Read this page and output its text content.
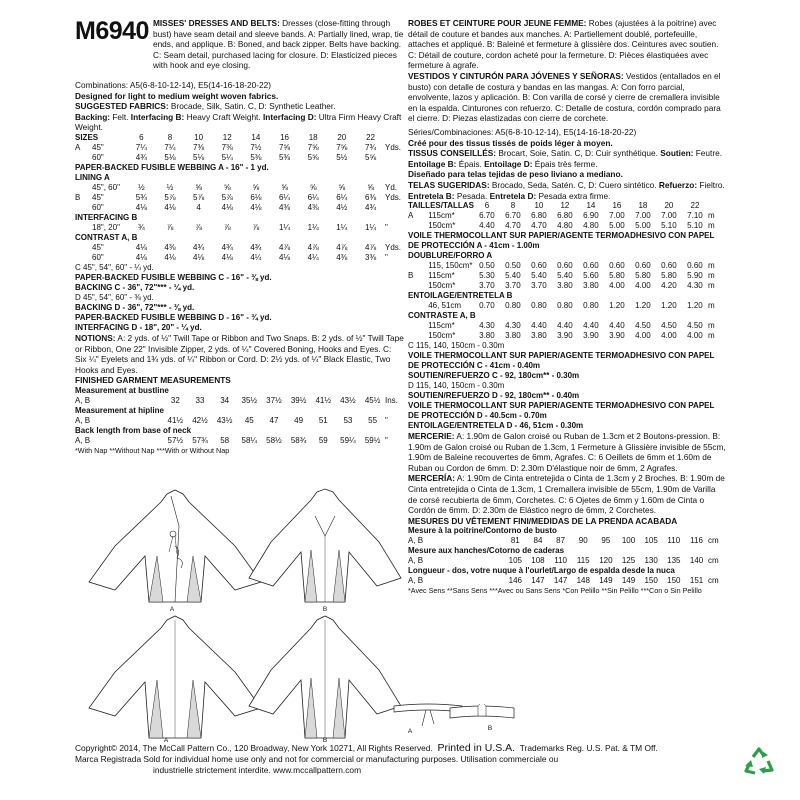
M6940 MISSES' DRESSES AND BELTS: Dresses (close-fitting through bust) have seam detail and sleeve bands. A: Partially lined, wrap, tie ends, and applique. B: Boned, and back zipper. Belts have backing. C: Seam detail, purchased lacing for closure. D: Elasticized pieces with hook and eye closing.
Combinations: A5(6-8-10-12-14), E5(14-16-18-20-22)
Designed for light to medium weight woven fabrics.
SUGGESTED FABRICS: Brocade, Silk, Satin. C, D: Synthetic Leather.
Backing: Felt. Interfacing B: Heavy Craft Weight. Interfacing D: Ultra Firm Heavy Craft Weight.
SIZES		6	8	10	12	14	16	18	20	22	
A	45"	7¼	7¼	7⅜	7⅜	7½	7⅝	7⅝	7⅝	7¾	Yds.
	60"	4¾	5⅛	5⅛	5¼	5⅜	5⅜	5⅝	5½	5⅝	
PAPER-BACKED FUSIBLE WEBBING A - 16" - 1 yd.											
LINING A											
	45", 60"	½	½	⅝	⅝	⅝	⅝	⅝	⅝	⅝	Yd.
B	45"	5¾	5⅞	5⅞	5⅞	6⅛	6¼	6¼	6¼	6⅜	Yds.
	60"	4⅛	4⅛	4	4⅛	4⅛	4⅜	4⅜	4½	4¾	
INTERFACING B											
	18", 20"	¾	⅞	⅞	⅞	⅞	1¼	1¼	1¼	1¼	"
CONTRAST A, B											
	45"	4⅛	4⅜	4¾	4¾	4¾	4⅞	4⅞	4⅞	4⅞	Yds.
	60"	4⅛	4⅛	4⅛	4⅛	4¼	4⅛	4¼	4⅜	3⅜	"
C 45", 54", 60" - ¼ yd.											
PAPER-BACKED FUSIBLE WEBBING C - 16" - ⅜ yd.											
BACKING C - 36", 72"*** - ¼ yd.											
D 45", 54", 60" - ⅜ yd.											
BACKING D - 36", 72"*** - ⅜ yd.											
PAPER-BACKED FUSIBLE WEBBING D - 16" - ¾ yd.											
INTERFACING D - 18", 20" - ¼ yd.											
NOTIONS: A: 2 yds. of ½" Twill Tape or Ribbon and Two Snaps. B: 2 yds. of ½" Twill Tape or Ribbon, One 22" Invisible Zipper, 2 yds. of ¼" Covered Boning, Hooks and Eyes. C: Six ¼" Eyelets and 1¾ yds. of ¼" Ribbon or Cord. D: 2½ yds. of ¼" Black Elastic, Two Hooks and Eyes.
FINISHED GARMENT MEASUREMENTS
Measurement at bustline											
A, B		32	33	34	35½	37½	39½	41½	43½	45½	Ins.
Measurement at hipline											
A, B		41½	42½	43½	45	47	49	51	53	55	"
Back length from base of neck											
A, B		57½	57¾	58	58¼	58½	58¾	59	59¼	59½	"
*With Nap **Without Nap ***With or Without Nap
ROBES ET CEINTURE POUR JEUNE FEMME: Robes (ajustées à la poitrine) avec détail de couture et bandes aux manches. A: Partiellement doublé, portefeuille, attaches et appliqué. B: Baleiné et fermeture à glissière dos. Ceintures avec soutien. C: Détail de couture, cordon acheté pour la fermeture. D: Pièces élastiquées avec fermeture à agrafe.
VESTIDOS Y CINTURÓN PARA JÓVENES Y SEÑORAS: Vestidos (entallados en el busto) con detalle de costura y bandas en las mangas. A: Con forro parcial, envolvente, lazos y aplicación. B: Con varilla de corsé y cierre de cremallera invisible en la espalda. Cinturones con refuerzo. C: Detalle de costura, cordón comprado para el cierre. D: Piezas elastizadas con cierre de corchete.
Séries/Combinaciones: A5(6-8-10-12-14), E5(14-16-18-20-22)
Créé pour des tissus tissés de poids léger à moyen.
TISSUS CONSEILLÉS: Brocart, Soie, Satin. C, D: Cuir synthétique. Soutien: Feutre. Entoilage B: Épais. Entoilage D: Épais très ferme.
Diseñado para telas tejidas de peso liviano a mediano.
TELAS SUGERIDAS: Brocado, Seda, Satén. C, D: Cuero sintético. Refuerzo: Fieltro. Entretela B: Pesada. Entretela D: Pesada extra firme.
TAILLES/TALLAS		6	8	10	12	14	16	18	20	22	
A	115cm*	6.70	6.70	6.80	6.80	6.90	7.00	7.00	7.00	7.10	m
	150cm*	4.40	4.70	4.70	4.80	4.80	5.00	5.00	5.10	5.10	m
VOILE THERMOCOLLANT SUR PAPIER/AGENTE TERMOADHESIVO CON PAPEL DE PROTECCIÓN A - 41cm - 1.00m											
DOUBLURE/FORRO A											
	115, 150cm*	0.50	0.50	0.60	0.60	0.60	0.60	0.60	0.60	0.60	m
B	115cm*	5.30	5.40	5.40	5.40	5.60	5.80	5.80	5.80	5.90	m
	150cm*	3.70	3.70	3.70	3.80	3.80	4.00	4.00	4.20	4.30	m
ENTOILAGE/ENTRETELA B											
	46, 51cm	0.70	0.80	0.80	0.80	0.80	1.20	1.20	1.20	1.20	m
CONTRASTE A, B											
	115cm*	4.30	4.30	4.40	4.40	4.40	4.40	4.50	4.50	4.50	m
	150cm*	3.80	3.80	3.80	3.90	3.90	3.90	4.00	4.00	4.00	m
C 115, 140, 150cm - 0.30m											
VOILE THERMOCOLLANT SUR PAPIER/AGENTE TERMOADHESIVO CON PAPEL DE PROTECCIÓN C - 41cm - 0.40m											
SOUTIEN/REFUERZO C - 92, 180cm** - 0.30m											
D 115, 140, 150cm - 0.30m											
SOUTIEN/REFUERZO D - 92, 180cm** - 0.40m											
VOILE THERMOCOLLANT SUR PAPIER/AGENTE TERMOADHESIVO CON PAPEL DE PROTECCIÓN D - 40.5cm - 0.70m											
ENTOILAGE/ENTRETELA D - 46, 51cm - 0.30m											
MERCERIE: A: 1.90m de Galon croisé ou Ruban de 1.3cm et 2 Boutons-pression. B: 1.90m de Galon croisé ou Ruban de 1.3cm, 1 Fermeture à Glissière invisible de 55cm, 1.90m de Baleine recouvertes de 6mm, Agrafes. C: 6 Oeillets de 6mm et 1.60m de Ruban ou Cordon de 6mm. D: 2.30m D'élastique noir de 6mm, 2 Agrafes.
MERCERÍA: A: 1.90m de Cinta entretejida o Cinta de 1.3cm y 2 Broches. B: 1.90m de Cinta entretejida o Cinta de 1.3cm, 1 Cremallera invisible de 55cm, 1.90m de Varilla de corsé recubierta de 6mm, Corchetes. C: 6 Ojetes de 6mm y 1.60m de Cinta o Cordón de 6mm. D: 2.30m de Elástico negro de 6mm, 2 Corchetes.
MESURES DU VÊTEMENT FINI/MEDIDAS DE LA PRENDA ACABADA
Mesure à la poitrine/Contorno de busto											
A, B		81	84	87	90	95	100	105	110	116	cm
Mesure aux hanches/Cotorno de caderas											
A, B		105	108	110	115	120	125	130	135	140	cm
Longueur - dos, votre nuque à l'ourlet/Largo de espalda desde la nuca											
A, B		146	147	147	148	149	149	150	150	151	cm
*Avec Sens **Sans Sens ***Avec ou Sans Sens *Con Pelillo **Sin Pelillo ***Con o Sin Pelillo
A	B
A	B
A	B
Copyright© 2014, The McCall Pattern Co., 120 Broadway, New York 10271, All Rights Reserved. Printed in U.S.A. Trademarks Reg. U.S. Pat. & TM Off.
Marca Registrada Sold for individual home use only and not for commercial or manufacturing purposes. Utilisation commerciale ou
industrielle strictement interdite. www.mccallpattern.com
